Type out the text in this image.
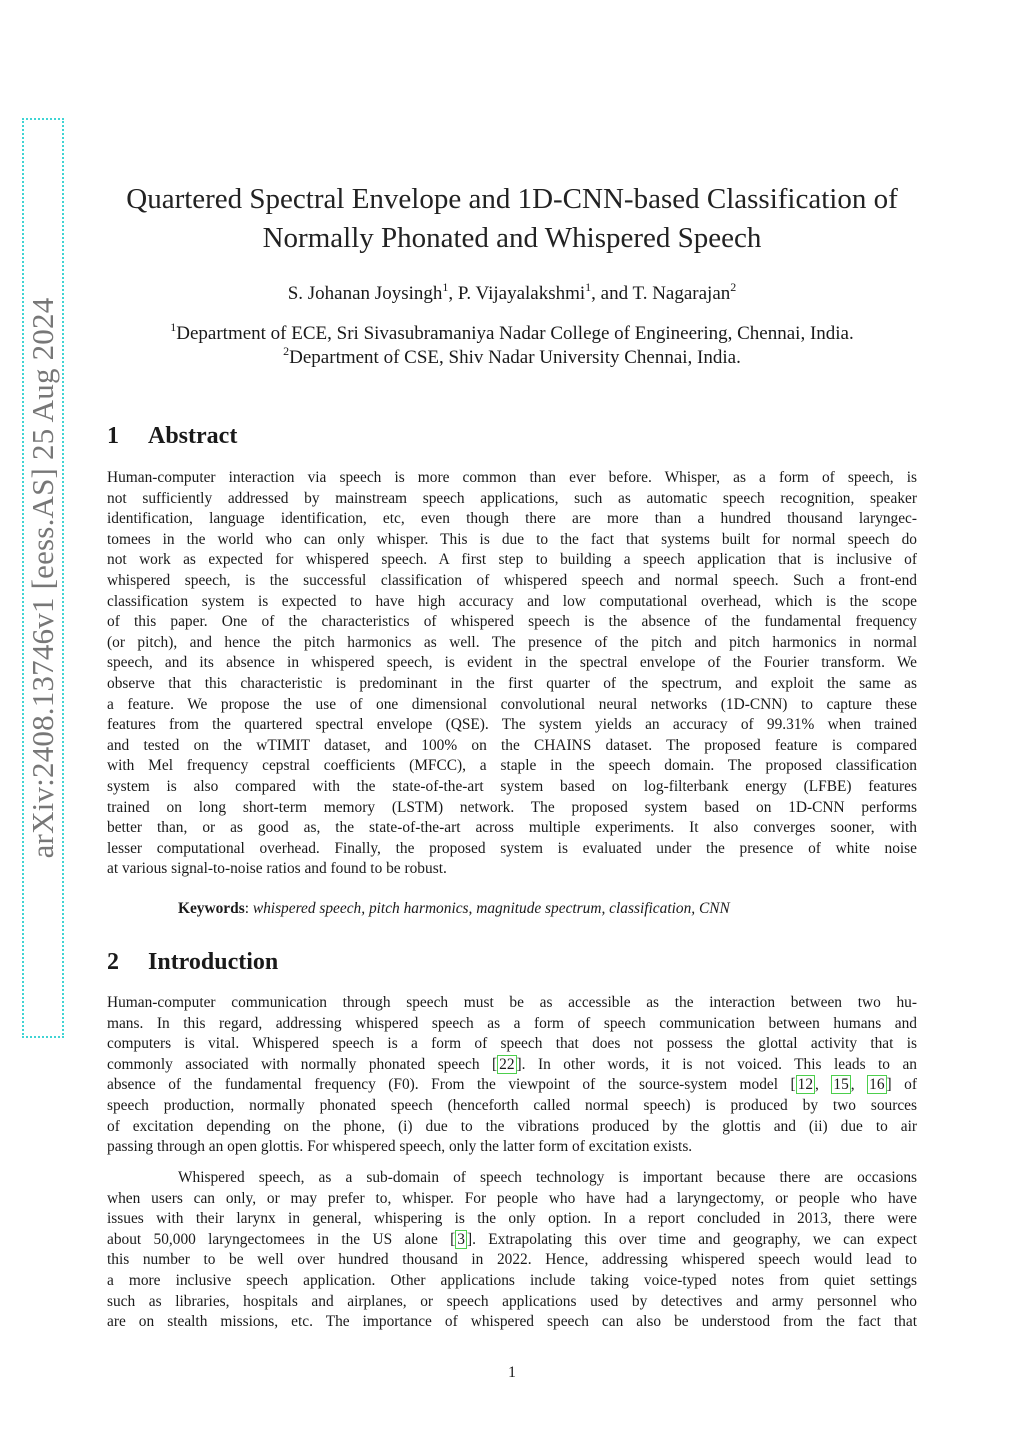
arXiv:2408.13746v1 [eess.AS] 25 Aug 2024
Quartered Spectral Envelope and 1D-CNN-based Classification of
Normally Phonated and Whispered Speech
S. Johanan Joysingh$^1$, P. Vijayalakshmi$^1$, and T. Nagarajan$^2$
$^1$Department of ECE, Sri Sivasubramaniya Nadar College of Engineering, Chennai, India.
$^2$Department of CSE, Shiv Nadar University Chennai, India.
1 Abstract
Human-computer interaction via speech is more common than ever before. Whisper, as a form of speech, is
not sufficiently addressed by mainstream speech applications, such as automatic speech recognition, speaker
identification, language identification, etc, even though there are more than a hundred thousand laryngec-
tomees in the world who can only whisper. This is due to the fact that systems built for normal speech do
not work as expected for whispered speech. A first step to building a speech application that is inclusive of
whispered speech, is the successful classification of whispered speech and normal speech. Such a front-end
classification system is expected to have high accuracy and low computational overhead, which is the scope
of this paper. One of the characteristics of whispered speech is the absence of the fundamental frequency
(or pitch), and hence the pitch harmonics as well. The presence of the pitch and pitch harmonics in normal
speech, and its absence in whispered speech, is evident in the spectral envelope of the Fourier transform. We
observe that this characteristic is predominant in the first quarter of the spectrum, and exploit the same as
a feature. We propose the use of one dimensional convolutional neural networks (1D-CNN) to capture these
features from the quartered spectral envelope (QSE). The system yields an accuracy of 99.31% when trained
and tested on the wTIMIT dataset, and 100% on the CHAINS dataset. The proposed feature is compared
with Mel frequency cepstral coefficients (MFCC), a staple in the speech domain. The proposed classification
system is also compared with the state-of-the-art system based on log-filterbank energy (LFBE) features
trained on long short-term memory (LSTM) network. The proposed system based on 1D-CNN performs
better than, or as good as, the state-of-the-art across multiple experiments. It also converges sooner, with
lesser computational overhead. Finally, the proposed system is evaluated under the presence of white noise
at various signal-to-noise ratios and found to be robust.
Keywords: whispered speech, pitch harmonics, magnitude spectrum, classification, CNN
2 Introduction
Human-computer communication through speech must be as accessible as the interaction between two hu-
mans. In this regard, addressing whispered speech as a form of speech communication between humans and
computers is vital. Whispered speech is a form of speech that does not possess the glottal activity that is
commonly associated with normally phonated speech [ 22 ]. In other words, it is not voiced. This leads to an
absence of the fundamental frequency (F0). From the viewpoint of the source-system model [ 12 , 15 , 16 ] of
speech production, normally phonated speech (henceforth called normal speech) is produced by two sources
of excitation depending on the phone, (i) due to the vibrations produced by the glottis and (ii) due to air
passing through an open glottis. For whispered speech, only the latter form of excitation exists.
Whispered speech, as a sub-domain of speech technology is important because there are occasions
when users can only, or may prefer to, whisper. For people who have had a laryngectomy, or people who have
issues with their larynx in general, whispering is the only option. In a report concluded in 2013, there were
about 50,000 laryngectomees in the US alone [ 3 ]. Extrapolating this over time and geography, we can expect
this number to be well over hundred thousand in 2022. Hence, addressing whispered speech would lead to
a more inclusive speech application. Other applications include taking voice-typed notes from quiet settings
such as libraries, hospitals and airplanes, or speech applications used by detectives and army personnel who
are on stealth missions, etc. The importance of whispered speech can also be understood from the fact that
1
